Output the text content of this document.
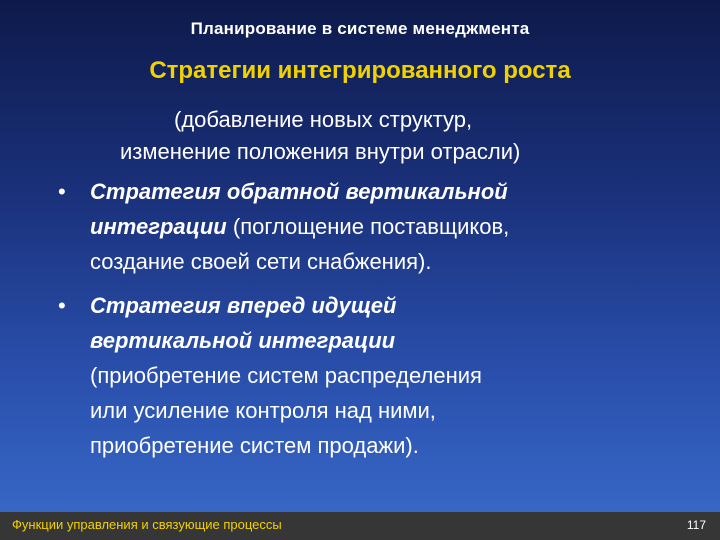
Планирование в системе менеджмента
Стратегии интегрированного роста
(добавление новых структур,
изменение положения внутри отрасли)
• Стратегия обратной вертикальной
интеграции (поглощение поставщиков,
создание своей сети снабжения).
• Стратегия вперед идущей
вертикальной интеграции
(приобретение систем распределения
или усиление контроля над ними,
приобретение систем продажи).
Функции управления и связующие процессы	117
